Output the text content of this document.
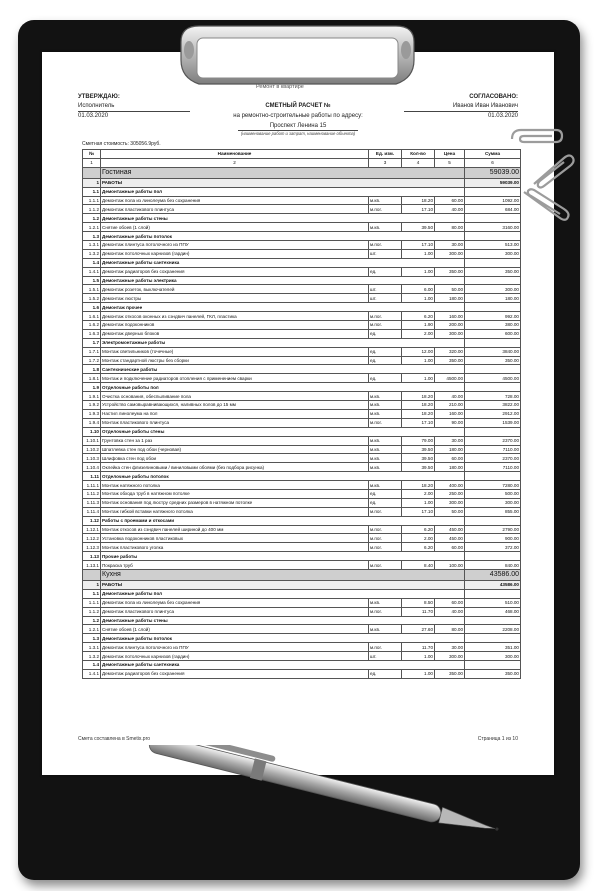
Ремонт в квартире
УТВЕРЖДАЮ:
Исполнитель
01.03.2020
СОГЛАСОВАНО:
Иванов Иван Иванович
01.03.2020
СМЕТНЫЙ РАСЧЕТ №
на ремонтно-строительные работы по адресу:
Проспект Ленина 15
(наименование работ и затрат, наименование объекта)
Сметная стоимость: 305056.9руб.
№	Наименование	Ед. изм.	Кол-во	Цена	Сумма
1	2	3	4	5	6
	Гостиная				59039.00
1	РАБОТЫ				59039.00
1.1	Демонтажные работы пол				
1.1.1	Демонтаж пола из линолеума без сохранения	м.кв.	18.20	60.00	1092.00
1.1.2	Демонтаж пластикового плинтуса	м.пог.	17.10	40.00	684.00
1.2	Демонтажные работы стены				
1.2.1	Снятие обоев (1 слой)	м.кв.	39.50	80.00	3160.00
1.3	Демонтажные работы потолок				
1.3.1	Демонтаж плинтуса потолочного из ППУ	м.пог.	17.10	30.00	513.00
1.3.2	Демонтаж потолочных карнизов (гардин)	шт.	1.00	300.00	300.00
1.4	Демонтажные работы сантехника				
1.4.1	Демонтаж радиаторов без сохранения	ед.	1.00	350.00	350.00
1.5	Демонтажные работы электрика				
1.5.1	Демонтаж розеток, выключателей	шт.	6.00	50.00	300.00
1.5.2	Демонтаж люстры	шт.	1.00	180.00	180.00
1.6	Демонтаж прочее				
1.6.1	Демонтаж откосов оконных из сэндвич панелей, ГКЛ, пластика	м.пог.	6.20	160.00	992.00
1.6.2	Демонтаж подоконников	м.пог.	1.90	200.00	380.00
1.6.3	Демонтаж дверных блоков	ед.	2.00	300.00	600.00
1.7	Электромонтажные работы				
1.7.1	Монтаж светильников (точечные)	ед.	12.00	320.00	3840.00
1.7.2	Монтаж стандартной люстры без сборки	ед.	1.00	350.00	350.00
1.8	Сантехнические работы				
1.8.1	Монтаж и подключение радиаторов отопления с применением сварки	ед.	1.00	4500.00	4500.00
1.9	Отделочные работы пол				
1.9.1	Очистка основания, обеспыливание пола	м.кв.	18.20	40.00	728.00
1.9.2	Устройство самовыравнивающихся, наливных полов до 15 мм	м.кв.	18.20	210.00	3822.00
1.9.3	Настил линолеума на пол	м.кв.	18.20	160.00	2912.00
1.9.4	Монтаж пластикового плинтуса	м.пог.	17.10	90.00	1539.00
1.10	Отделочные работы стены				
1.10.1	Грунтовка стен за 1 раз	м.кв.	79.00	30.00	2370.00
1.10.2	Шпатлевка стен под обои (черновая)	м.кв.	39.50	180.00	7110.00
1.10.3	Шлифовка стен под обои	м.кв.	39.50	60.00	2370.00
1.10.4	Оклейка стен флизелиновыми / виниловыми обоями (без подбора рисунка)	м.кв.	39.50	180.00	7110.00
1.11	Отделочные работы потолок				
1.11.1	Монтаж натяжного потолка	м.кв.	18.20	400.00	7280.00
1.11.2	Монтаж обхода труб в натяжном потолке	ед.	2.00	250.00	500.00
1.11.3	Монтаж основания под люстру средних размеров в натяжном потолке	ед.	1.00	300.00	300.00
1.11.4	Монтаж гибкой вставки натяжного потолка	м.пог.	17.10	50.00	855.00
1.12	Работы с проемами и откосами				
1.12.1	Монтаж откосов из сэндвич панелей шириной до 400 мм	м.пог.	6.20	450.00	2790.00
1.12.2	Установка подоконников пластиковых	м.пог.	2.00	450.00	900.00
1.12.3	Монтаж пластикового уголка	м.пог.	6.20	60.00	372.00
1.13	Прочие работы				
1.13.1	Покраска труб	м.пог.	8.40	100.00	840.00
	Кухня				43586.00
1	РАБОТЫ				43586.00
1.1	Демонтажные работы пол				
1.1.1	Демонтаж пола из линолеума без сохранения	м.кв.	8.50	60.00	510.00
1.1.2	Демонтаж пластикового плинтуса	м.пог.	11.70	40.00	468.00
1.2	Демонтажные работы стены				
1.2.1	Снятие обоев (1 слой)	м.кв.	27.60	80.00	2208.00
1.3	Демонтажные работы потолок				
1.3.1	Демонтаж плинтуса потолочного из ППУ	м.пог.	11.70	30.00	351.00
1.3.2	Демонтаж потолочных карнизов (гардин)	шт.	1.00	300.00	300.00
1.4	Демонтажные работы сантехника				
1.4.1	Демонтаж радиаторов без сохранения	ед.	1.00	350.00	350.00
Смета составлена в Smetix.pro	Страница 1 из 10
